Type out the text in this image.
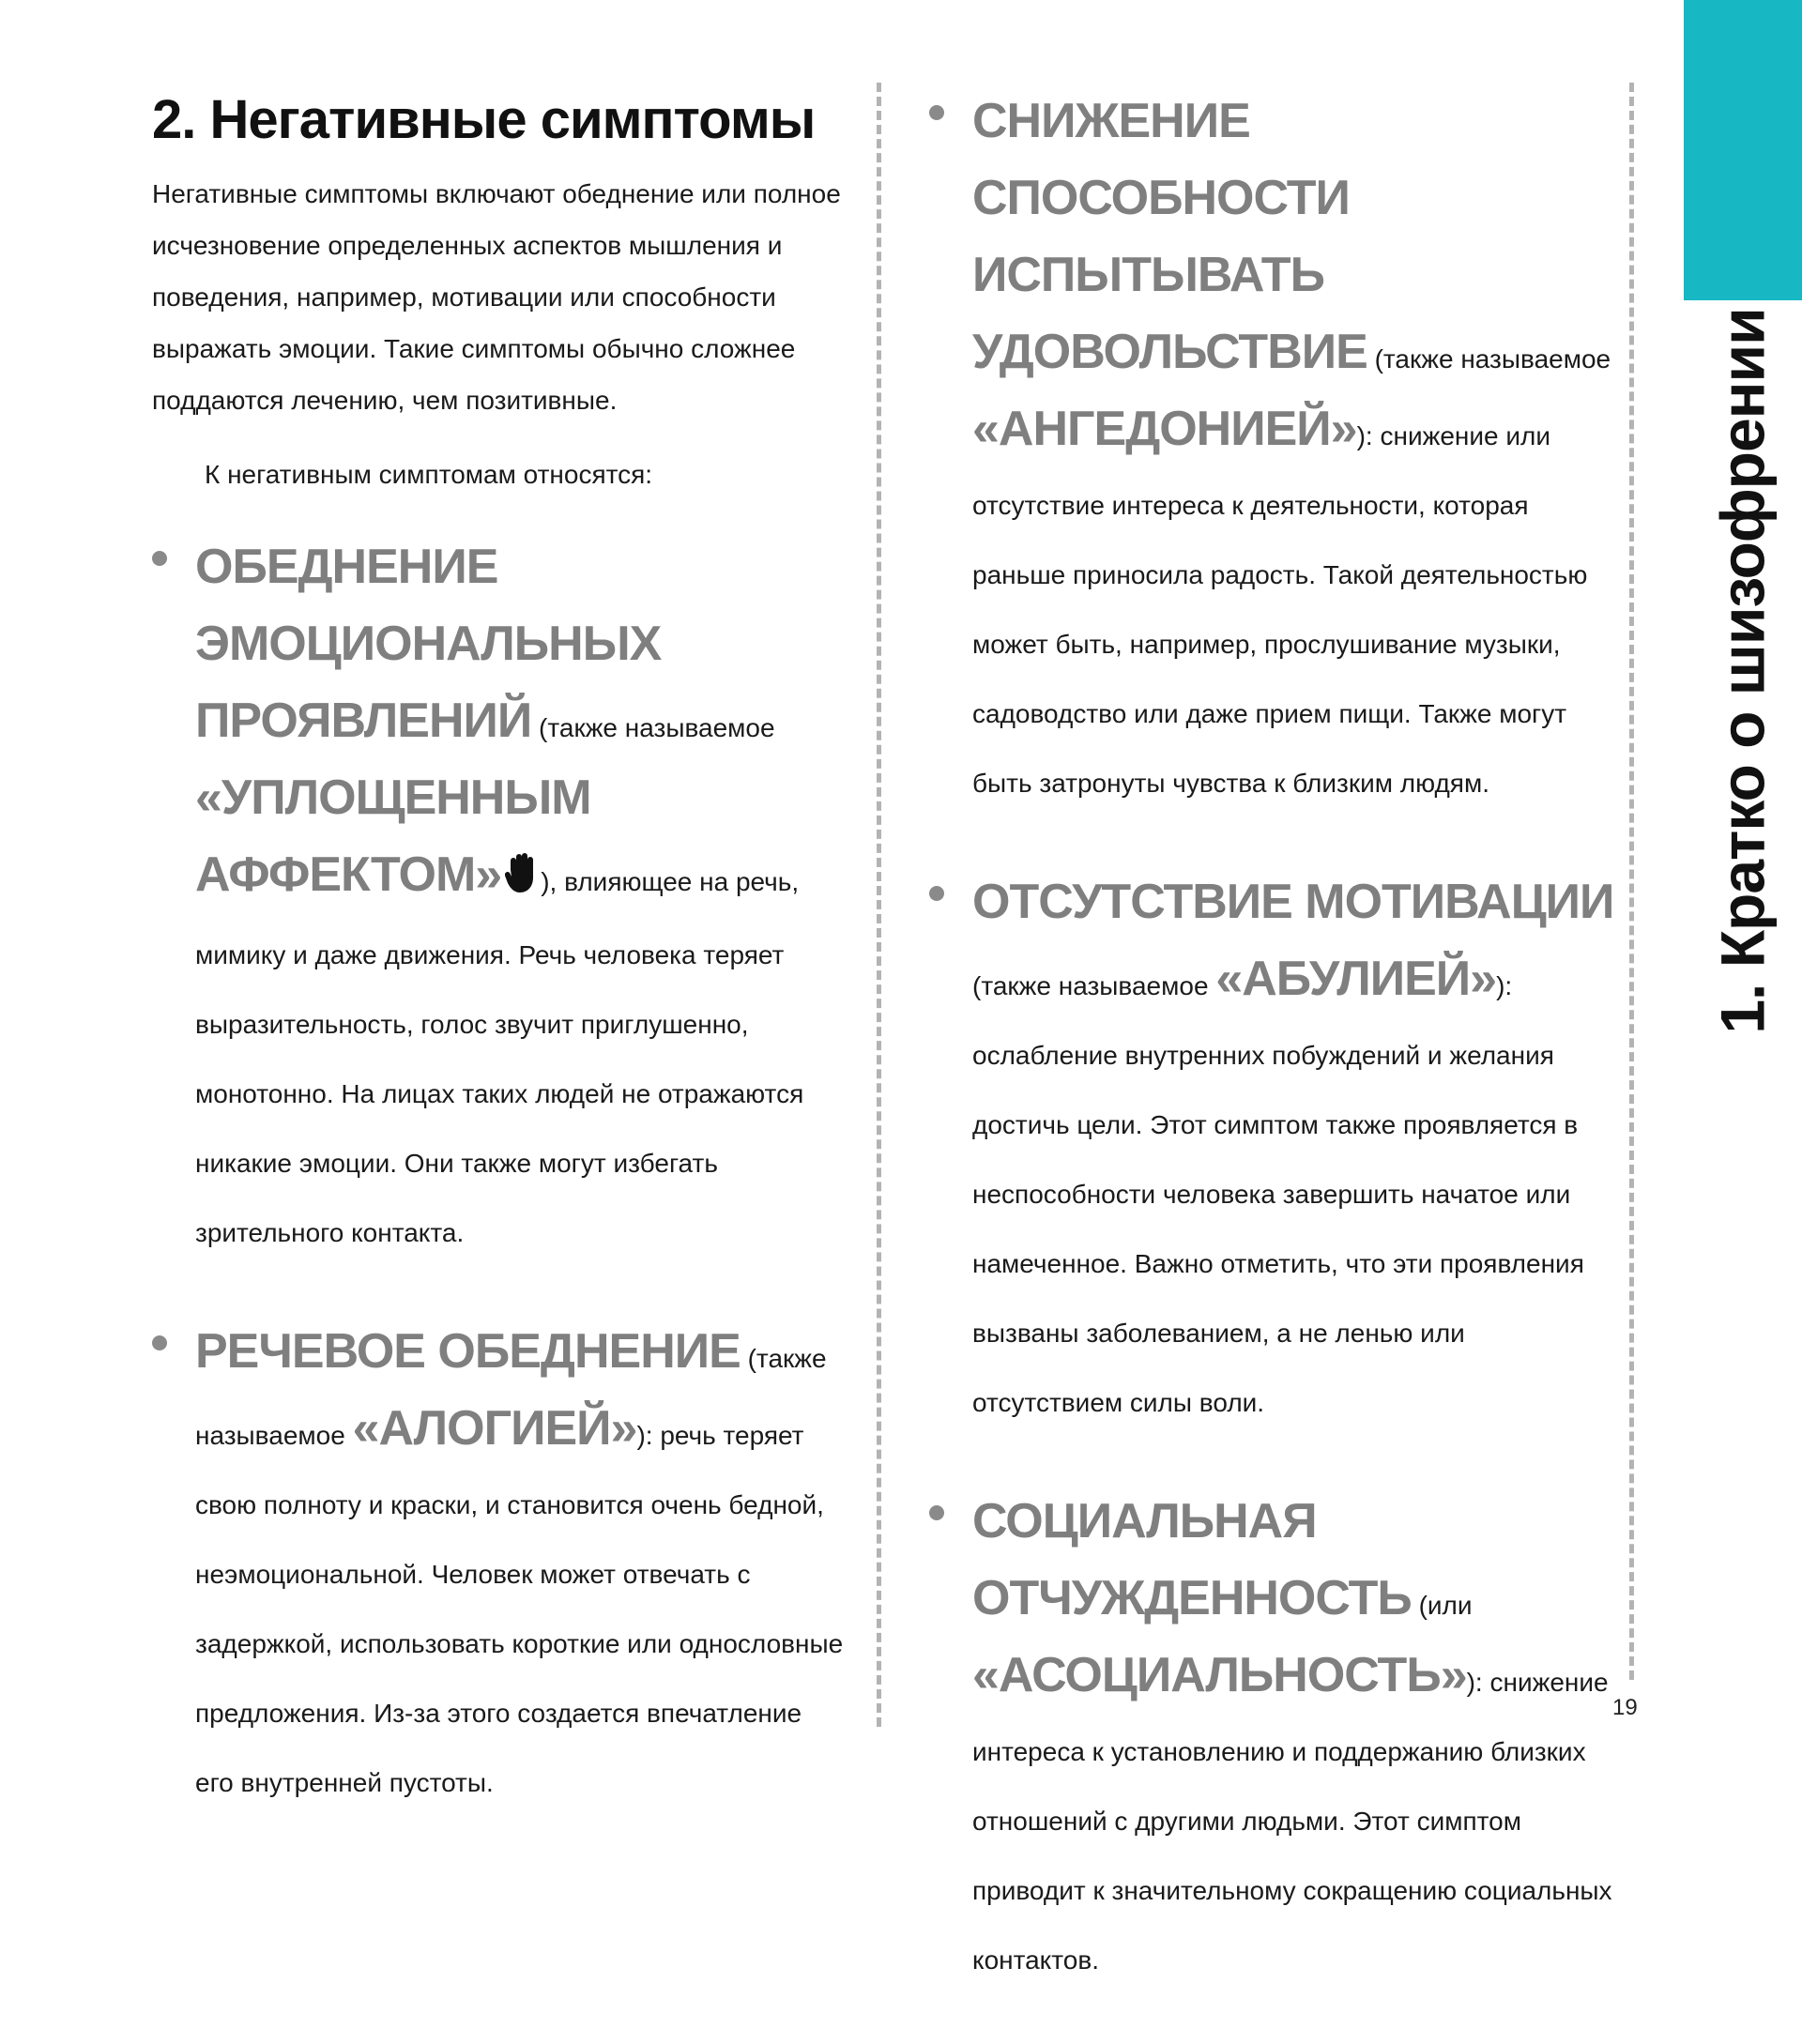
1. Кратко о шизофрении
2. Негативные симптомы

Негативные симптомы включают обеднение или полное исчезновение определенных аспектов мышления и поведения, например, мотивации или способности выражать эмоции. Такие симптомы обычно сложнее поддаются лечению, чем позитивные.

К негативным симптомам относятся:

ОБЕДНЕНИЕ ЭМОЦИОНАЛЬНЫХ ПРОЯВЛЕНИЙ (также называемое «УПЛОЩЕННЫМ АФФЕКТОМ» ), влияющее на речь, мимику и даже движения. Речь человека теряет выразительность, голос звучит приглушенно, монотонно. На лицах таких людей не отражаются никакие эмоции. Они также могут избегать зрительного контакта.

РЕЧЕВОЕ ОБЕДНЕНИЕ (также называемое «АЛОГИЕЙ»): речь теряет свою полноту и краски, и становится очень бедной, неэмоциональной. Человек может отвечать с задержкой, использовать короткие или однословные предложения. Из-за этого создается впечатление его внутренней пустоты.

СНИЖЕНИЕ СПОСОБНОСТИ ИСПЫТЫВАТЬ УДОВОЛЬСТВИЕ (также называемое «АНГЕДОНИЕЙ»): снижение или отсутствие интереса к деятельности, которая раньше приносила радость. Такой деятельностью может быть, например, прослушивание музыки, садоводство или даже прием пищи. Также могут быть затронуты чувства к близким людям.

ОТСУТСТВИЕ МОТИВАЦИИ (также называемое «АБУЛИЕЙ»): ослабление внутренних побуждений и желания достичь цели. Этот симптом также проявляется в неспособности человека завершить начатое или намеченное. Важно отметить, что эти проявления вызваны заболеванием, а не ленью или отсутствием силы воли.

СОЦИАЛЬНАЯ ОТЧУЖДЕННОСТЬ (или «АСОЦИАЛЬНОСТЬ»): снижение интереса к установлению и поддержанию близких отношений с другими людьми. Этот симптом приводит к значительному сокращению социальных контактов.

19
